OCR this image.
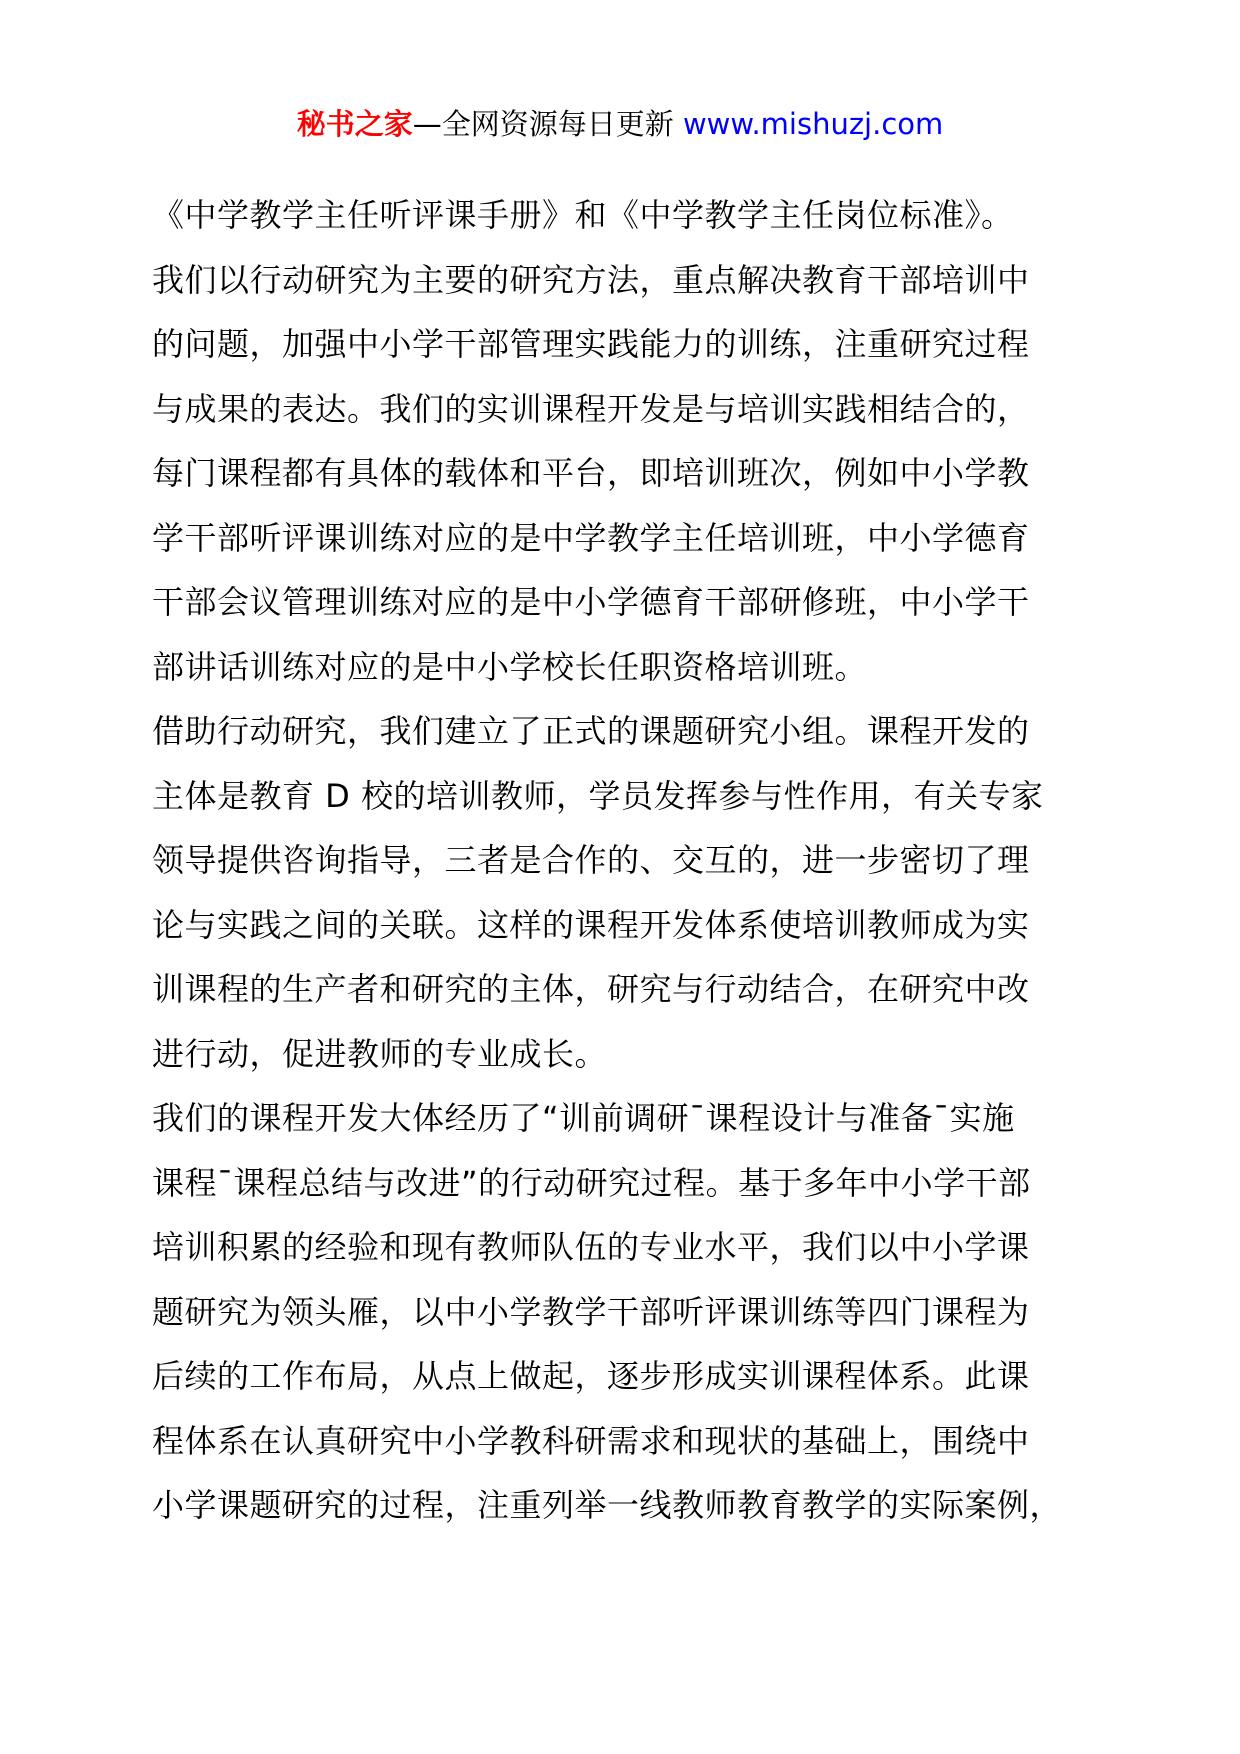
秘书之家—全网资源每日更新 www.mishuzj.com
《中学教学主任听评课手册》和《中学教学主任岗位标准》。
我们以行动研究为主要的研究方法，重点解决教育干部培训中
的问题，加强中小学干部管理实践能力的训练，注重研究过程
与成果的表达。我们的实训课程开发是与培训实践相结合的，
每门课程都有具体的载体和平台，即培训班次，例如中小学教
学干部听评课训练对应的是中学教学主任培训班，中小学德育
干部会议管理训练对应的是中小学德育干部研修班，中小学干
部讲话训练对应的是中小学校长任职资格培训班。
借助行动研究，我们建立了正式的课题研究小组。课程开发的
主体是教育 D 校的培训教师，学员发挥参与性作用，有关专家
领导提供咨询指导，三者是合作的、交互的，进一步密切了理
论与实践之间的关联。这样的课程开发体系使培训教师成为实
训课程的生产者和研究的主体，研究与行动结合，在研究中改
进行动，促进教师的专业成长。
我们的课程开发大体经历了“训前调研¯课程设计与准备¯实施
课程¯课程总结与改进”的行动研究过程。基于多年中小学干部
培训积累的经验和现有教师队伍的专业水平，我们以中小学课
题研究为领头雁，以中小学教学干部听评课训练等四门课程为
后续的工作布局，从点上做起，逐步形成实训课程体系。此课
程体系在认真研究中小学教科研需求和现状的基础上，围绕中
小学课题研究的过程，注重列举一线教师教育教学的实际案例，
